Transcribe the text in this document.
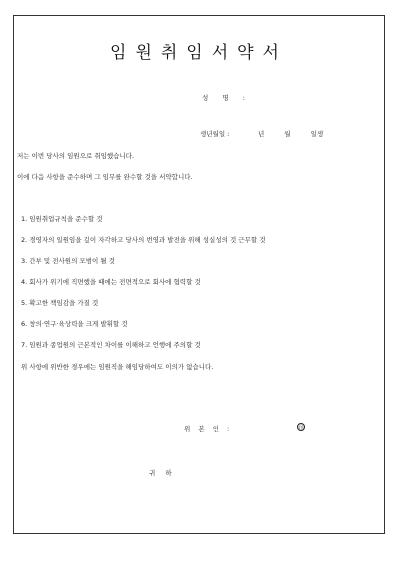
임원취임서약서
성 명 :
생년월일 :	년	월	일생
저는 이번 당사의 임원으로 취임했습니다.
이에 다음 사항을 준수하며 그 임무를 완수할 것을 서약합니다.
1. 임원취업규칙을 준수할 것
2. 경영자의 일원임을 깊이 자각하고 당사의 번영과 발전을 위해 성실성의 것 근무할 것
3. 간부 및 전사원의 모범이 될 것
4. 회사가 위기에 직면했을 때에는 전면적으로 회사에 협력할 것
5. 확고한 책임감을 가질 것
6. 창의·연구·육상력을 크게 발휘할 것
7. 임원과 종업원의 근본적인 차이를 이해하고 언행에 주의할 것
위 사항에 위반한 경우에는 임원직을 해임당하여도 이의가 없습니다.
위 본 인 :	㊞
귀 하
